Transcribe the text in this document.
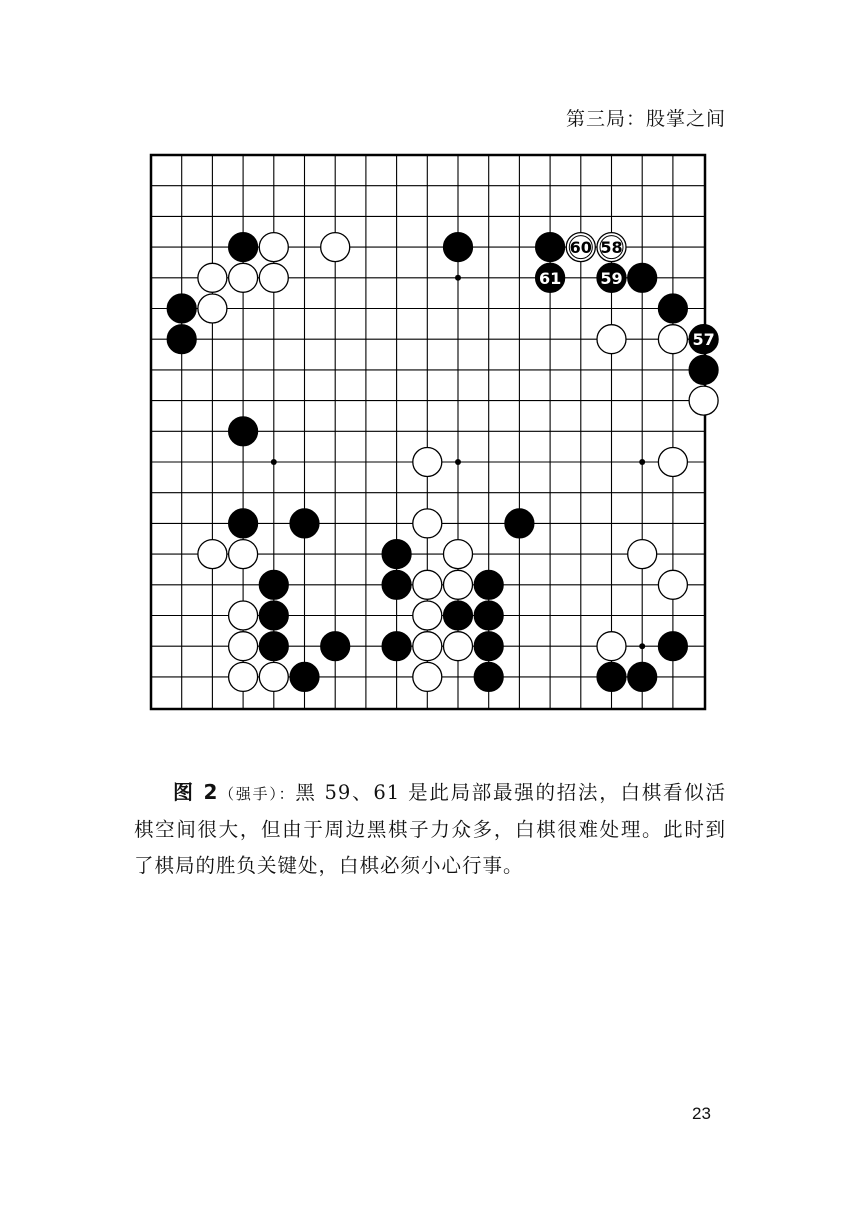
第三局：股掌之间
57
58
59
60
61
图 2（强手）：黑 59、61 是此局部最强的招法，白棋看似活棋空间很大，但由于周边黑棋子力众多，白棋很难处理。此时到了棋局的胜负关键处，白棋必须小心行事。
23
